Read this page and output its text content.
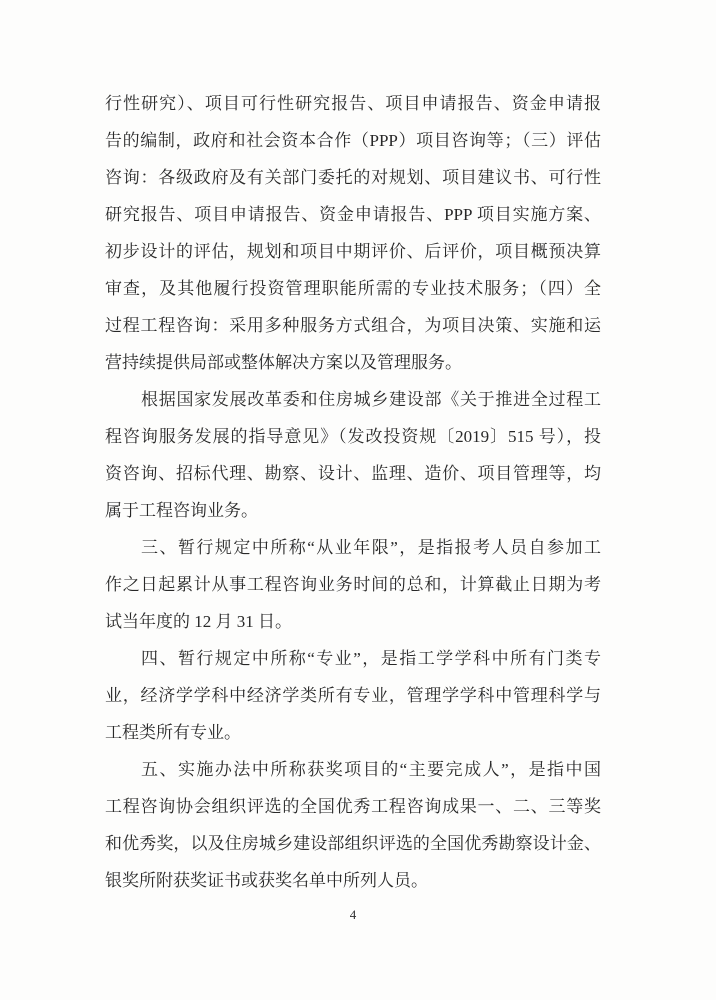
行性研究）、项目可行性研究报告、项目申请报告、资金申请报
告的编制，政府和社会资本合作（PPP）项目咨询等；（三）评估
咨询：各级政府及有关部门委托的对规划、项目建议书、可行性
研究报告、项目申请报告、资金申请报告、PPP 项目实施方案、
初步设计的评估，规划和项目中期评价、后评价，项目概预决算
审查，及其他履行投资管理职能所需的专业技术服务；（四）全
过程工程咨询：采用多种服务方式组合，为项目决策、实施和运
营持续提供局部或整体解决方案以及管理服务。
根据国家发展改革委和住房城乡建设部《关于推进全过程工
程咨询服务发展的指导意见》（发改投资规〔2019〕515 号），投
资咨询、招标代理、勘察、设计、监理、造价、项目管理等，均
属于工程咨询业务。
三、暂行规定中所称“从业年限”，是指报考人员自参加工
作之日起累计从事工程咨询业务时间的总和，计算截止日期为考
试当年度的 12 月 31 日。
四、暂行规定中所称“专业”，是指工学学科中所有门类专
业，经济学学科中经济学类所有专业，管理学学科中管理科学与
工程类所有专业。
五、实施办法中所称获奖项目的“主要完成人”，是指中国
工程咨询协会组织评选的全国优秀工程咨询成果一、二、三等奖
和优秀奖，以及住房城乡建设部组织评选的全国优秀勘察设计金、
银奖所附获奖证书或获奖名单中所列人员。
4
